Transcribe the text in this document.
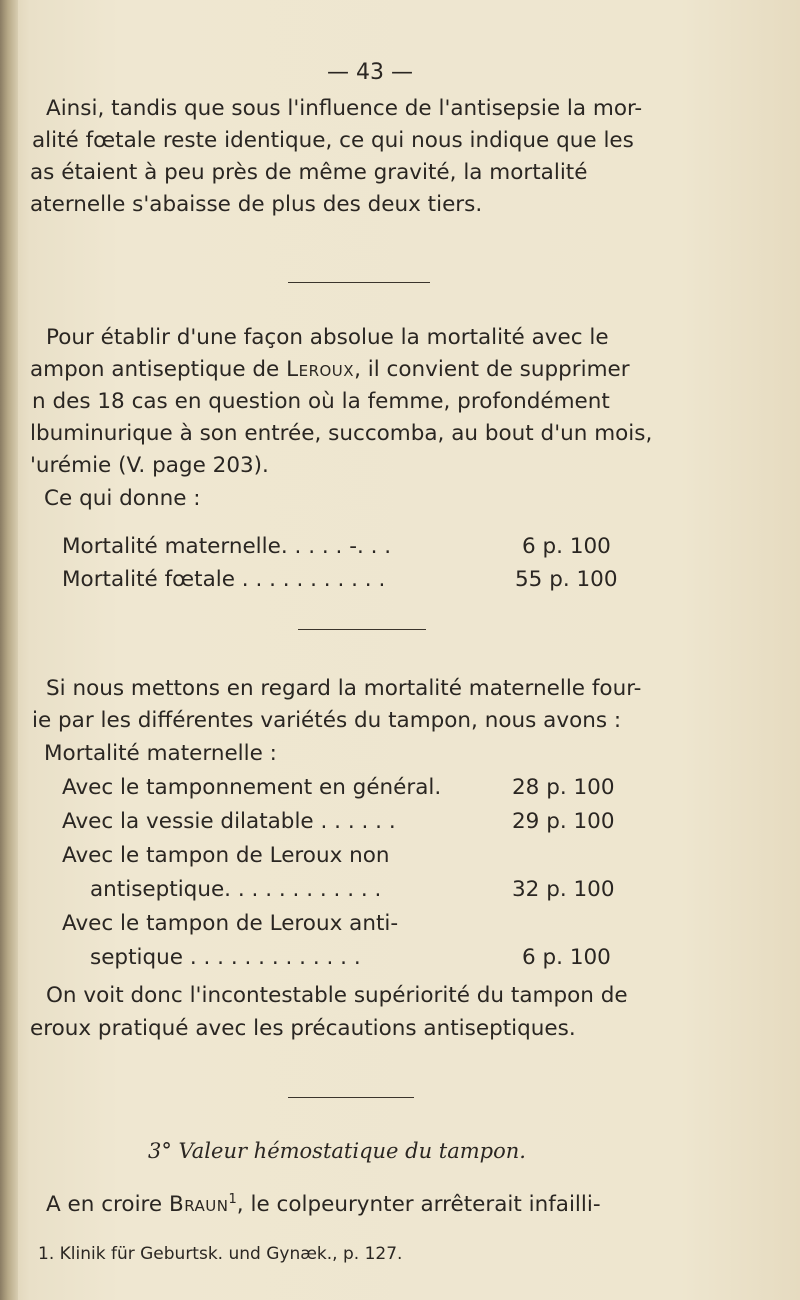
— 43 —
Ainsi, tandis que sous l'influence de l'antisepsie la mor-
alité fœtale reste identique, ce qui nous indique que les
as étaient à peu près de même gravité, la mortalité
aternelle s'abaisse de plus des deux tiers.
Pour établir d'une façon absolue la mortalité avec le
ampon antiseptique de Leroux, il convient de supprimer
n des 18 cas en question où la femme, profondément
lbuminurique à son entrée, succomba, au bout d'un mois,
'urémie (V. page 203).
Ce qui donne :
Mortalité maternelle. . . . . -. . .	6 p. 100
Mortalité fœtale . . . . . . . . . . .	55 p. 100
Si nous mettons en regard la mortalité maternelle four-
ie par les différentes variétés du tampon, nous avons :
Mortalité maternelle :
Avec le tamponnement en général.	28 p. 100
Avec la vessie dilatable . . . . . .	29 p. 100
Avec le tampon de Leroux non
antiseptique. . . . . . . . . . . .	32 p. 100
Avec le tampon de Leroux anti-
septique . . . . . . . . . . . . .	6 p. 100
On voit donc l'incontestable supériorité du tampon de
eroux pratiqué avec les précautions antiseptiques.
3° Valeur hémostatique du tampon.
A en croire Braun$^1$, le colpeurynter arrêterait infailli-
1. Klinik für Geburtsk. und Gynæk., p. 127.
